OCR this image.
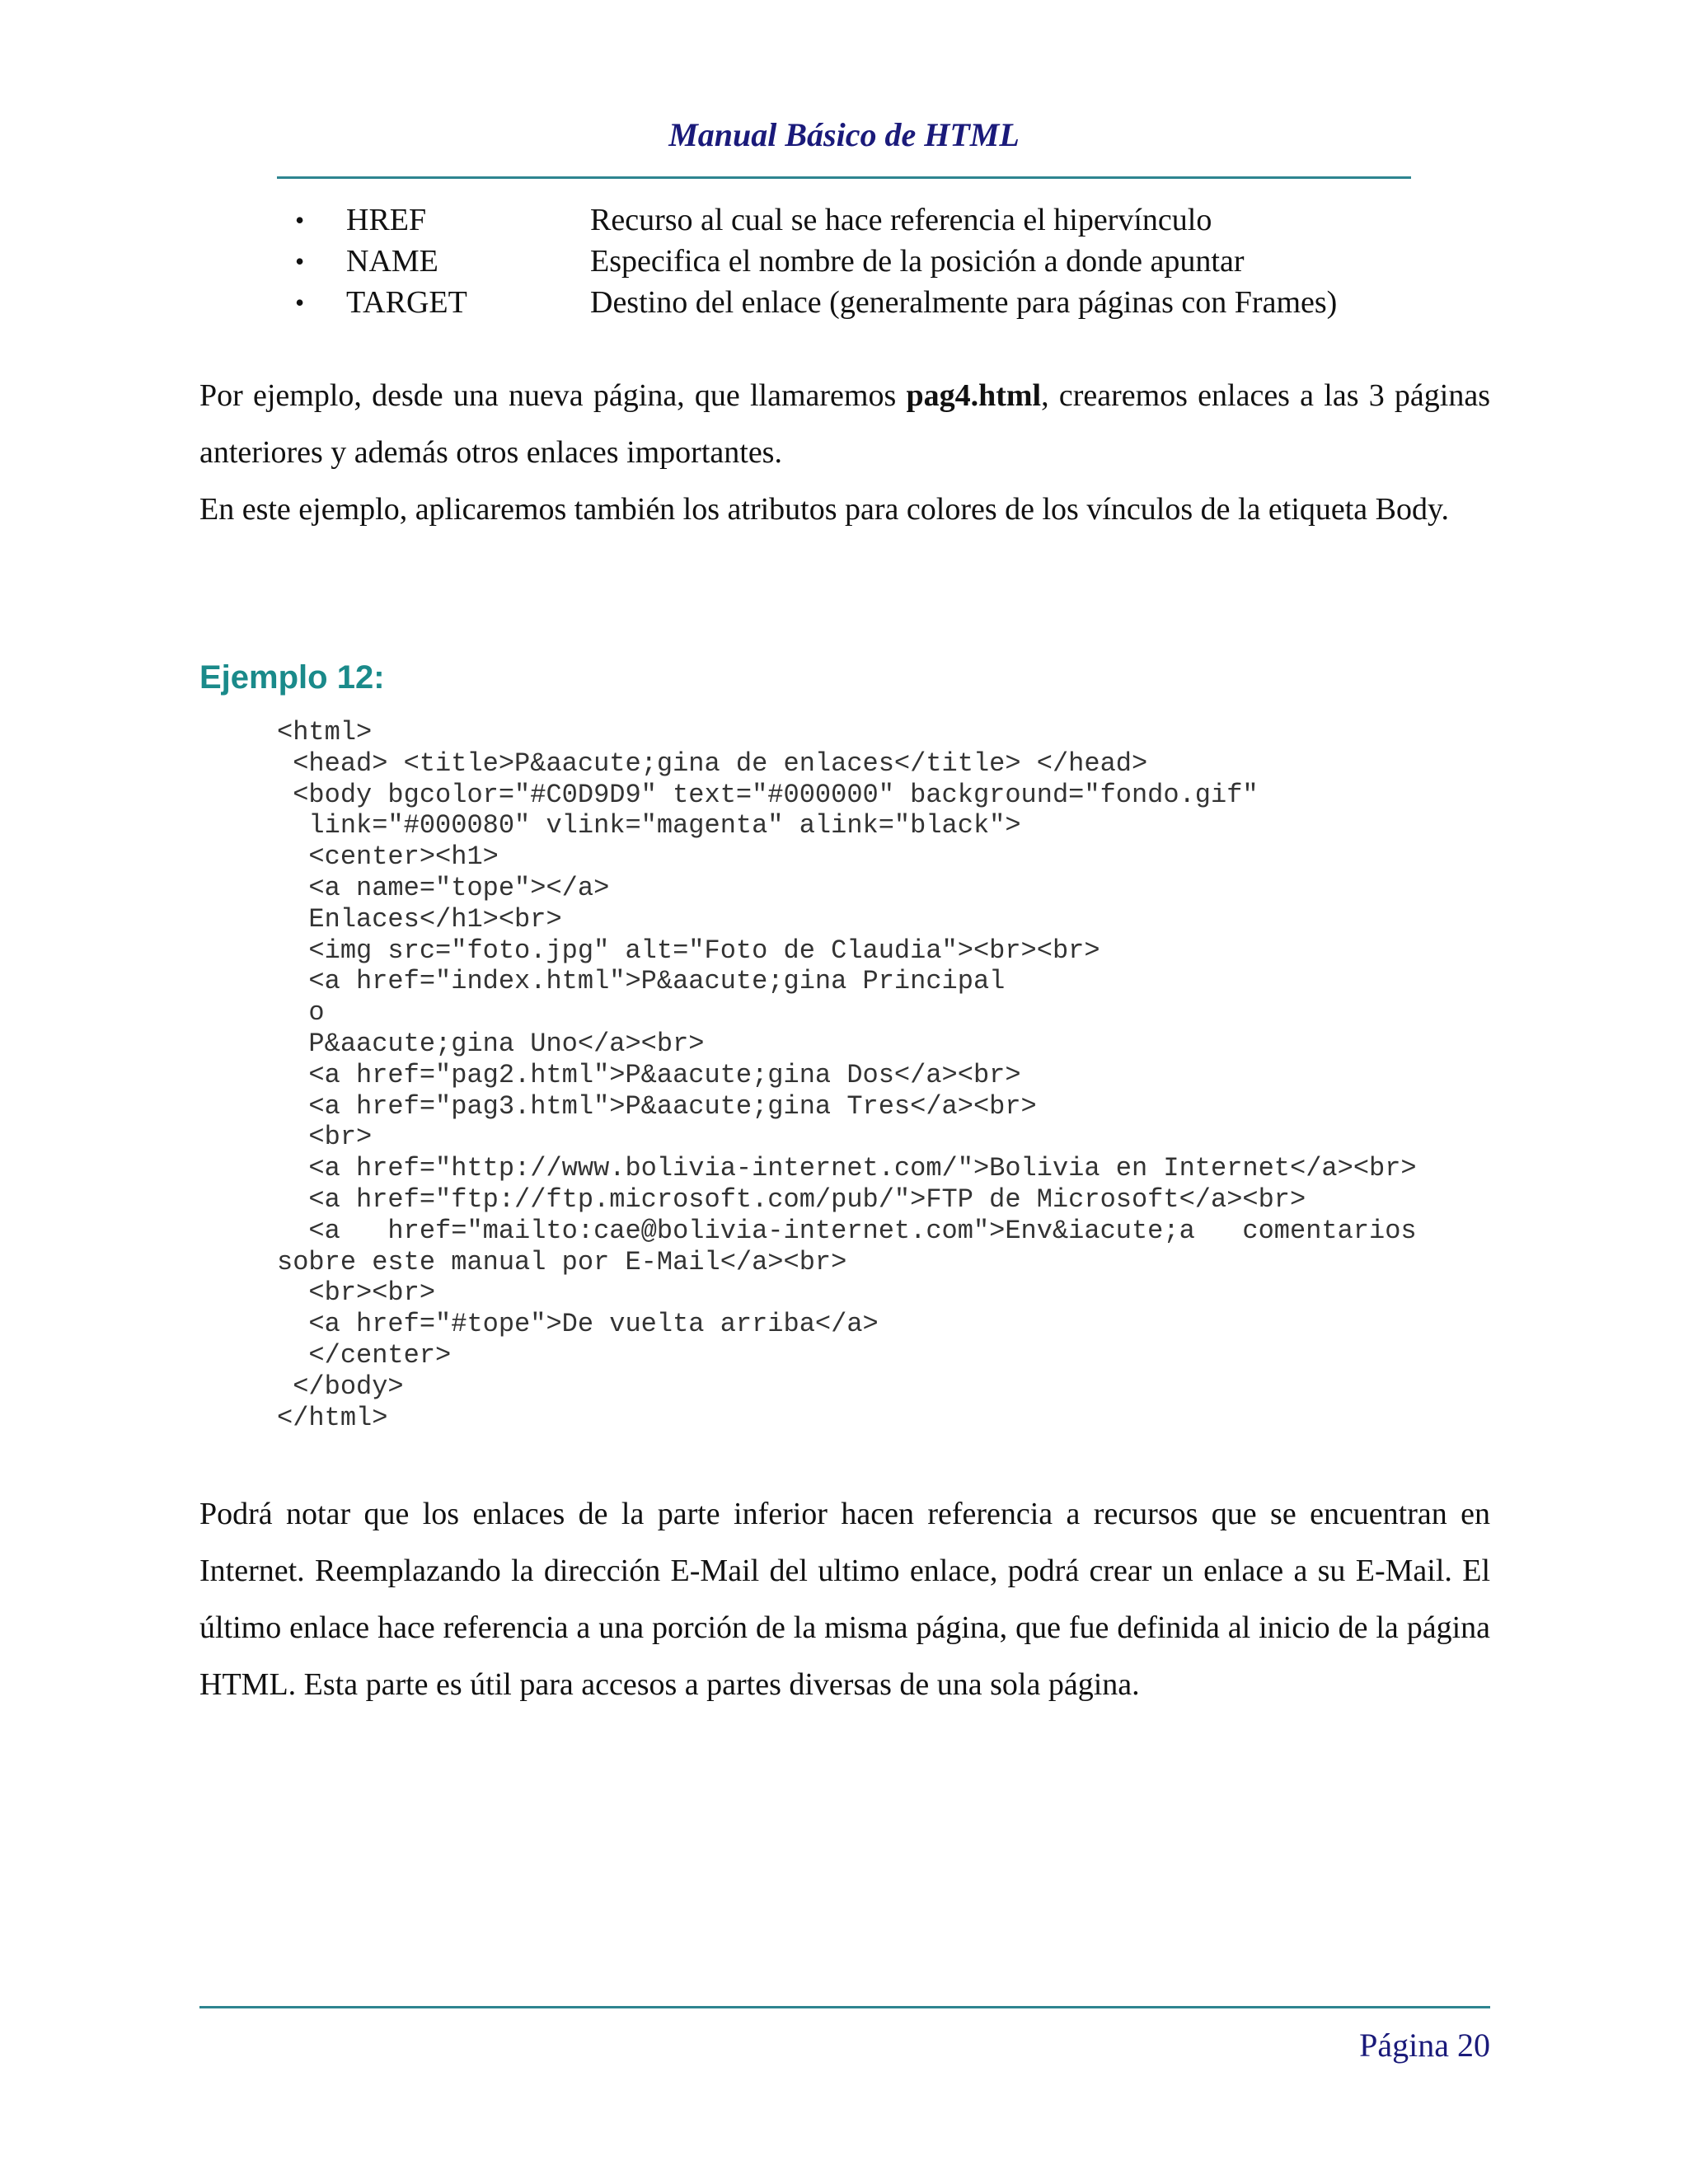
Manual Básico de HTML
• HREF	Recurso al cual se hace referencia el hipervínculo
• NAME	Especifica el nombre de la posición a donde apuntar
• TARGET	Destino del enlace (generalmente para páginas con Frames)

Por ejemplo, desde una nueva página, que llamaremos pag4.html, crearemos enlaces a las 3 páginas anteriores y además otros enlaces importantes.

En este ejemplo, aplicaremos también los atributos para colores de los vínculos de la etiqueta Body.

Ejemplo 12:
<html>
<head> <title>P&aacute;gina de enlaces</title> </head>
<body bgcolor="#C0D9D9" text="#000000" background="fondo.gif"
link="#000080" vlink="magenta" alink="black">
<center><h1>
<a name="tope"></a>
Enlaces</h1><br>
<img src="foto.jpg" alt="Foto de Claudia"><br><br>
<a href="index.html">P&aacute;gina Principal
o
P&aacute;gina Uno</a><br>
<a href="pag2.html">P&aacute;gina Dos</a><br>
<a href="pag3.html">P&aacute;gina Tres</a><br>
<br>
<a href="http://www.bolivia-internet.com/">Bolivia en Internet</a><br>
<a href="ftp://ftp.microsoft.com/pub/">FTP de Microsoft</a><br>
<a   href="mailto:cae@bolivia-internet.com">Env&iacute;a   comentarios
sobre este manual por E-Mail</a><br>
<br><br>
<a href="#tope">De vuelta arriba</a>
</center>
</body>
</html>

Podrá notar que los enlaces de la parte inferior hacen referencia a recursos que se encuentran en Internet. Reemplazando la dirección E-Mail del ultimo enlace, podrá crear un enlace a su E-Mail. El último enlace hace referencia a una porción de la misma página, que fue definida al inicio de la página HTML. Esta parte es útil para accesos a partes diversas de una sola página.

Página 20
